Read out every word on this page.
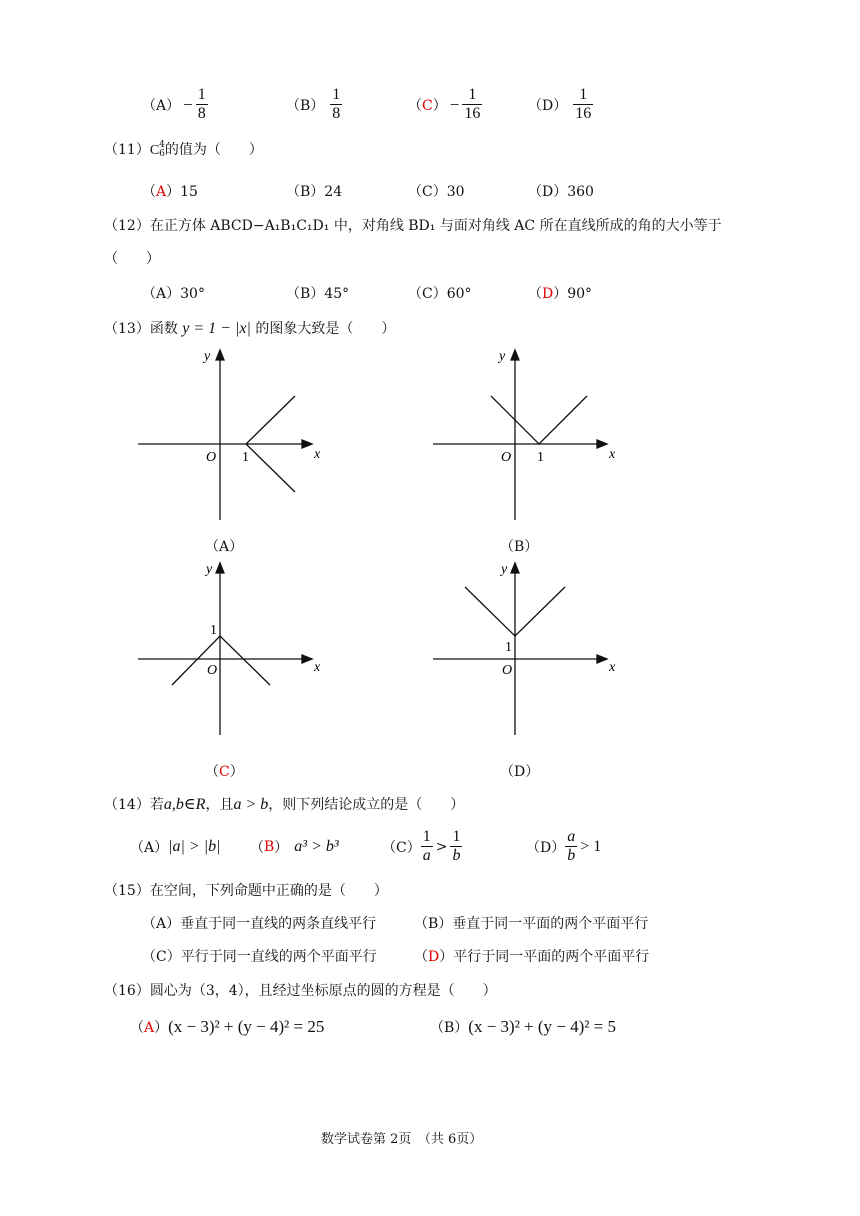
$(A) - \frac{1}{8}$	$(B) \frac{1}{8}$	$(C) - \frac{1}{16}$	$(D) \frac{1}{16}$
（11）C 4
6 的值为（　　）
（A）15	（B）24	（C）30	（D）360
（12）在正方体 ABCD−A₁B₁C₁D₁ 中，对角线 BD₁ 与面对角线 AC 所在直线所成的角的大小等于
（　　）
（A）30°	（B）45°	（C）60°	（D）90°
（13）函数 y = 1 − |x| 的图象大致是（　　）
y
x
O 1
（A）
y
x
O 1
（B）
y
x
O
1
（C）
y
x
O
1
（D）
（14）若a,b∈R，且a > b，则下列结论成立的是（　　）
（A） |a| > |b| （ B ） a³ > b³	$(C) \frac{1}{a} > \frac{1}{b}$	$(D) \frac{a}{b} > 1$
（15）在空间，下列命题中正确的是（　　）
（A）垂直于同一直线的两条直线平行	（B）垂直于同一平面的两个平面平行
（C）平行于同一直线的两个平面平行	（D）平行于同一平面的两个平面平行
（16）圆心为（3，4），且经过坐标原点的圆的方程是（　　）
（A）(x − 3)² + (y − 4)² = 25	（B）(x − 3)² + (y − 4)² = 5
数学试卷第 2页　（共 6页）
